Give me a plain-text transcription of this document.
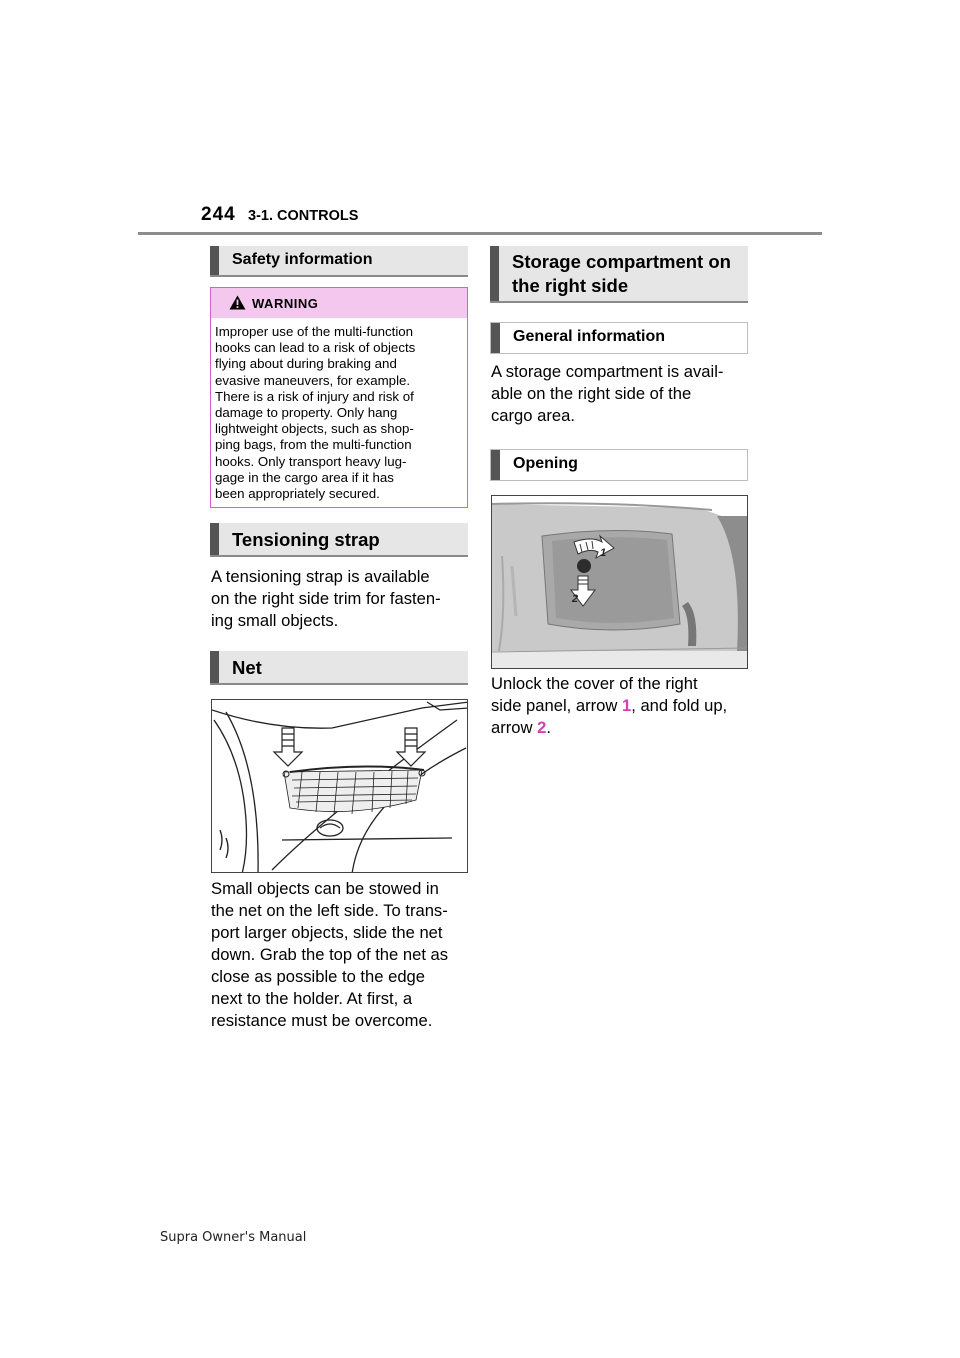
244 3-1. CONTROLS
Safety information
WARNING
Improper use of the multi-function
hooks can lead to a risk of objects
flying about during braking and
evasive maneuvers, for example.
There is a risk of injury and risk of
damage to property. Only hang
lightweight objects, such as shop-
ping bags, from the multi-function
hooks. Only transport heavy lug-
gage in the cargo area if it has
been appropriately secured.
Tensioning strap
A tensioning strap is available
on the right side trim for fasten-
ing small objects.
Net
Small objects can be stowed in
the net on the left side. To trans-
port larger objects, slide the net
down. Grab the top of the net as
close as possible to the edge
next to the holder. At first, a
resistance must be overcome.
Storage compartment on
the right side
General information
A storage compartment is avail-
able on the right side of the
cargo area.
Opening
1
2
Unlock the cover of the right
side panel, arrow 1, and fold up,
arrow 2.
Supra Owner's Manual
